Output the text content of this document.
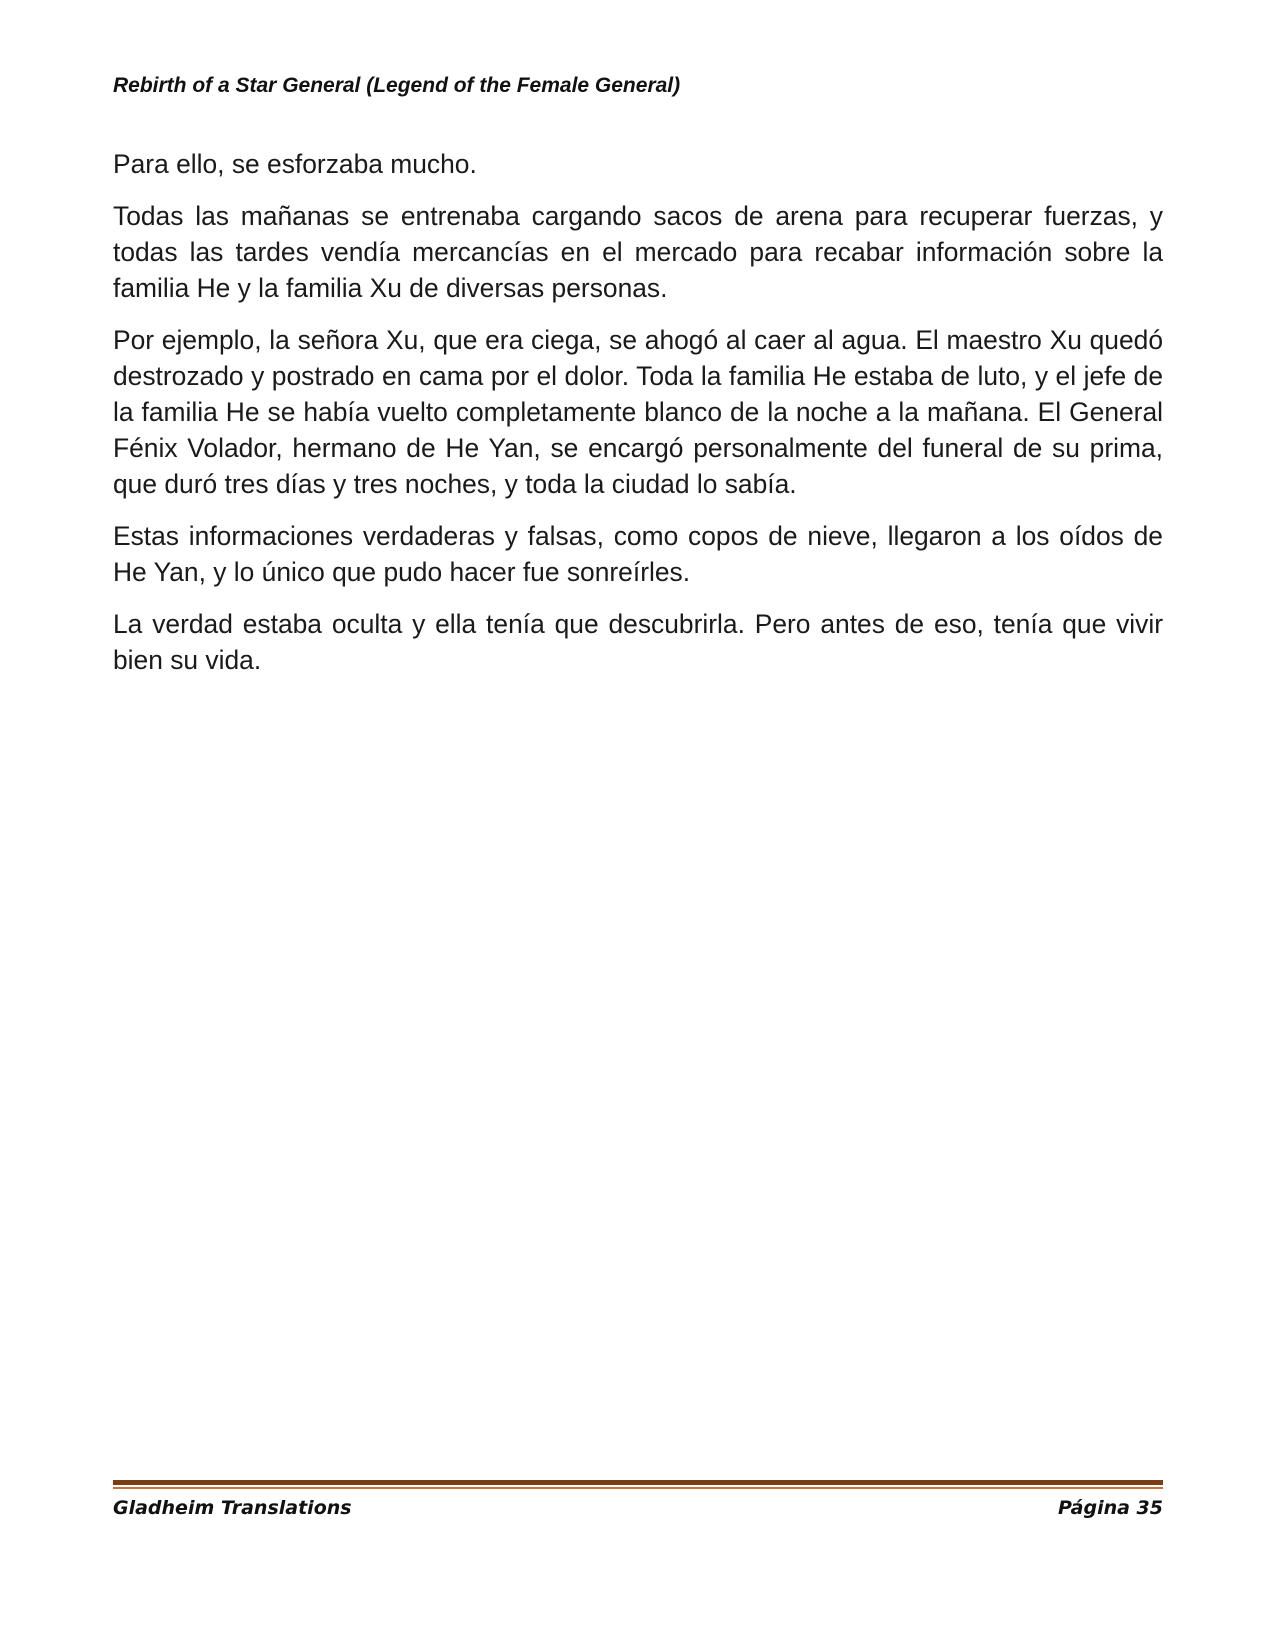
Rebirth of a Star General (Legend of the Female General)

Para ello, se esforzaba mucho.

Todas las mañanas se entrenaba cargando sacos de arena para recuperar fuerzas, y todas las tardes vendía mercancías en el mercado para recabar información sobre la familia He y la familia Xu de diversas personas.

Por ejemplo, la señora Xu, que era ciega, se ahogó al caer al agua. El maestro Xu quedó destrozado y postrado en cama por el dolor. Toda la familia He estaba de luto, y el jefe de la familia He se había vuelto completamente blanco de la noche a la mañana. El General Fénix Volador, hermano de He Yan, se encargó personalmente del funeral de su prima, que duró tres días y tres noches, y toda la ciudad lo sabía.

Estas informaciones verdaderas y falsas, como copos de nieve, llegaron a los oídos de He Yan, y lo único que pudo hacer fue sonreírles.

La verdad estaba oculta y ella tenía que descubrirla. Pero antes de eso, tenía que vivir bien su vida.

Gladheim Translations	Página 35
